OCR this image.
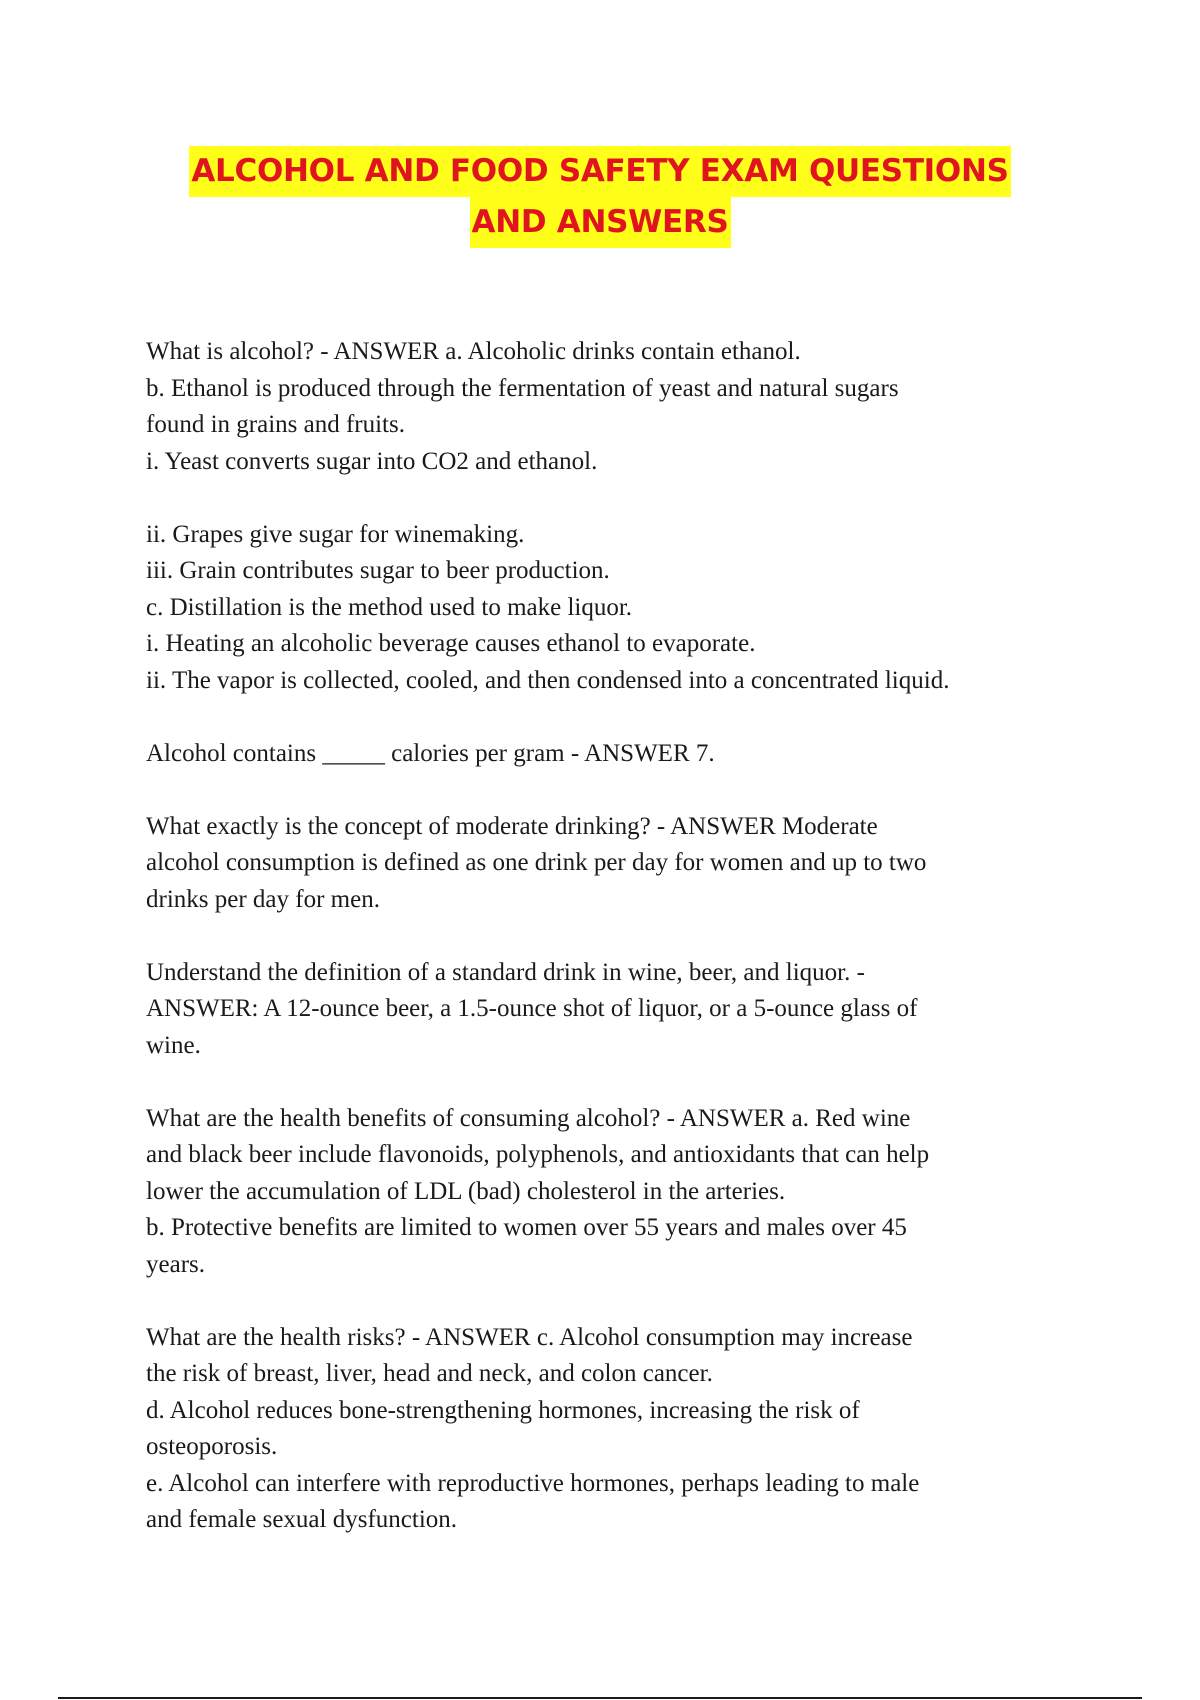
ALCOHOL AND FOOD SAFETY EXAM QUESTIONS
AND ANSWERS
What is alcohol? - ANSWER a. Alcoholic drinks contain ethanol.
b. Ethanol is produced through the fermentation of yeast and natural sugars
found in grains and fruits.
i. Yeast converts sugar into CO2 and ethanol.
ii. Grapes give sugar for winemaking.
iii. Grain contributes sugar to beer production.
c. Distillation is the method used to make liquor.
i. Heating an alcoholic beverage causes ethanol to evaporate.
ii. The vapor is collected, cooled, and then condensed into a concentrated liquid.
Alcohol contains _____ calories per gram - ANSWER 7.
What exactly is the concept of moderate drinking? - ANSWER Moderate
alcohol consumption is defined as one drink per day for women and up to two
drinks per day for men.
Understand the definition of a standard drink in wine, beer, and liquor. -
ANSWER: A 12-ounce beer, a 1.5-ounce shot of liquor, or a 5-ounce glass of
wine.
What are the health benefits of consuming alcohol? - ANSWER a. Red wine
and black beer include flavonoids, polyphenols, and antioxidants that can help
lower the accumulation of LDL (bad) cholesterol in the arteries.
b. Protective benefits are limited to women over 55 years and males over 45
years.
What are the health risks? - ANSWER c. Alcohol consumption may increase
the risk of breast, liver, head and neck, and colon cancer.
d. Alcohol reduces bone-strengthening hormones, increasing the risk of
osteoporosis.
e. Alcohol can interfere with reproductive hormones, perhaps leading to male
and female sexual dysfunction.
